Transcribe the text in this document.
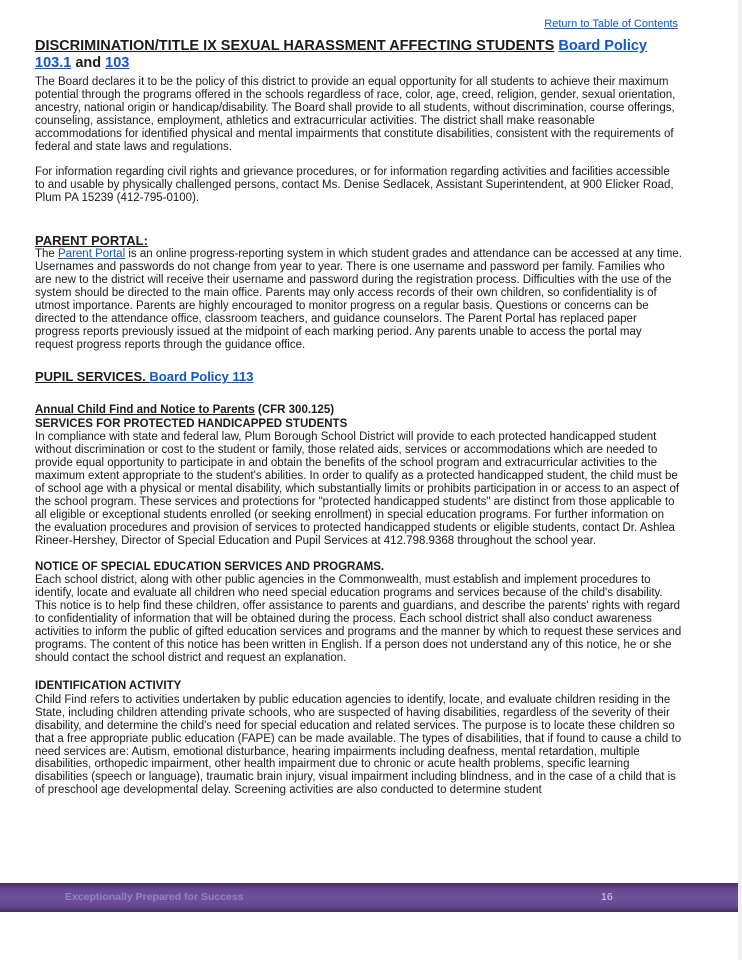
Return to Table of Contents
DISCRIMINATION/TITLE IX SEXUAL HARASSMENT AFFECTING STUDENTS Board Policy 103.1 and 103
The Board declares it to be the policy of this district to provide an equal opportunity for all students to achieve their maximum potential through the programs offered in the schools regardless of race, color, age, creed, religion, gender, sexual orientation, ancestry, national origin or handicap/disability. The Board shall provide to all students, without discrimination, course offerings, counseling, assistance, employment, athletics and extracurricular activities. The district shall make reasonable accommodations for identified physical and mental impairments that constitute disabilities, consistent with the requirements of federal and state laws and regulations.
For information regarding civil rights and grievance procedures, or for information regarding activities and facilities accessible to and usable by physically challenged persons, contact Ms. Denise Sedlacek, Assistant Superintendent, at 900 Elicker Road, Plum PA 15239 (412-795-0100).
PARENT PORTAL:
The Parent Portal is an online progress-reporting system in which student grades and attendance can be accessed at any time. Usernames and passwords do not change from year to year. There is one username and password per family. Families who are new to the district will receive their username and password during the registration process. Difficulties with the use of the system should be directed to the main office. Parents may only access records of their own children, so confidentiality is of utmost importance. Parents are highly encouraged to monitor progress on a regular basis. Questions or concerns can be directed to the attendance office, classroom teachers, and guidance counselors. The Parent Portal has replaced paper progress reports previously issued at the midpoint of each marking period. Any parents unable to access the portal may request progress reports through the guidance office.
PUPIL SERVICES. Board Policy 113
Annual Child Find and Notice to Parents (CFR 300.125)
SERVICES FOR PROTECTED HANDICAPPED STUDENTS
In compliance with state and federal law, Plum Borough School District will provide to each protected handicapped student without discrimination or cost to the student or family, those related aids, services or accommodations which are needed to provide equal opportunity to participate in and obtain the benefits of the school program and extracurricular activities to the maximum extent appropriate to the student's abilities. In order to qualify as a protected handicapped student, the child must be of school age with a physical or mental disability, which substantially limits or prohibits participation in or access to an aspect of the school program. These services and protections for "protected handicapped students" are distinct from those applicable to all eligible or exceptional students enrolled (or seeking enrollment) in special education programs. For further information on the evaluation procedures and provision of services to protected handicapped students or eligible students, contact Dr. Ashlea Rineer-Hershey, Director of Special Education and Pupil Services at 412.798.9368 throughout the school year.
NOTICE OF SPECIAL EDUCATION SERVICES AND PROGRAMS.
Each school district, along with other public agencies in the Commonwealth, must establish and implement procedures to identify, locate and evaluate all children who need special education programs and services because of the child's disability. This notice is to help find these children, offer assistance to parents and guardians, and describe the parents' rights with regard to confidentiality of information that will be obtained during the process. Each school district shall also conduct awareness activities to inform the public of gifted education services and programs and the manner by which to request these services and programs. The content of this notice has been written in English. If a person does not understand any of this notice, he or she should contact the school district and request an explanation.
IDENTIFICATION ACTIVITY
Child Find refers to activities undertaken by public education agencies to identify, locate, and evaluate children residing in the State, including children attending private schools, who are suspected of having disabilities, regardless of the severity of their disability, and determine the child's need for special education and related services. The purpose is to locate these children so that a free appropriate public education (FAPE) can be made available. The types of disabilities, that if found to cause a child to need services are: Autism, emotional disturbance, hearing impairments including deafness, mental retardation, multiple disabilities, orthopedic impairment, other health impairment due to chronic or acute health problems, specific learning disabilities (speech or language), traumatic brain injury, visual impairment including blindness, and in the case of a child that is of preschool age developmental delay. Screening activities are also conducted to determine student
Exceptionally Prepared for Success	16
